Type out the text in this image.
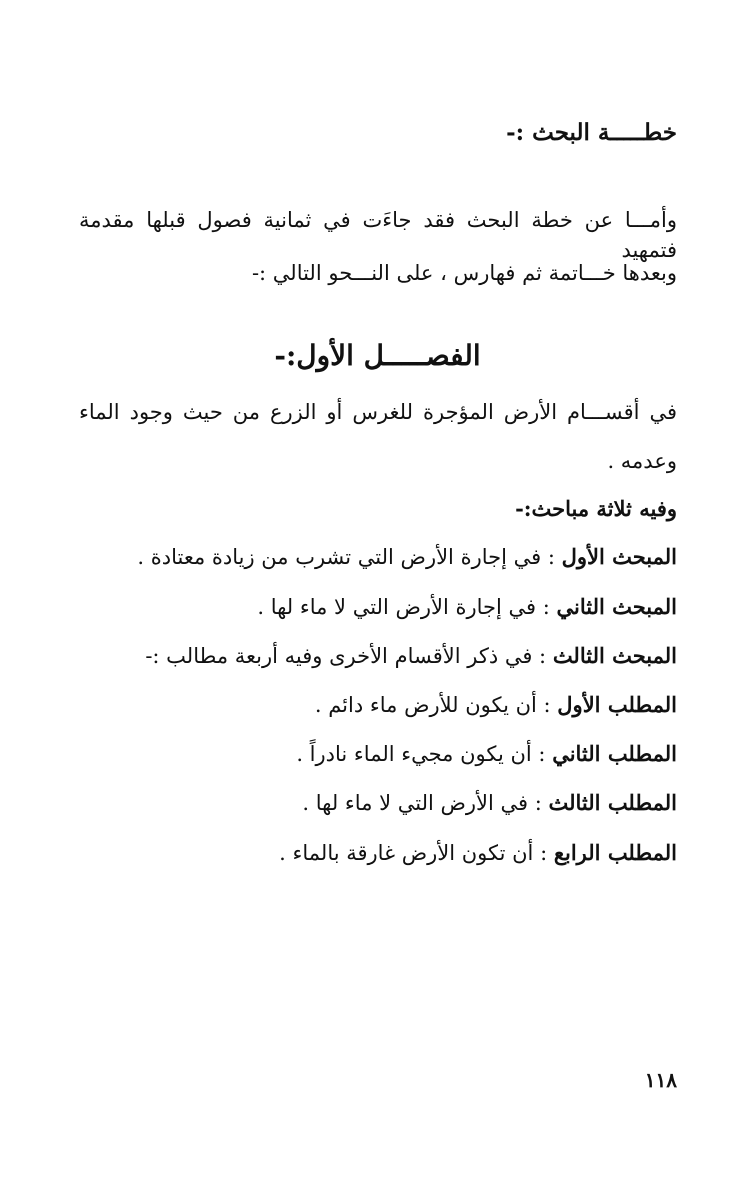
خطـــــة البحث :-
وأمـــا عن خطة البحث فقد جاءَت في ثمانية فصول قبلها مقدمة فتمهيد
وبعدها خـــاتمة ثم فهارس ، على النـــحو التالي :-
الفصـــــل الأول:-
في أقســـام الأرض المؤجرة للغرس أو الزرع من حيث وجود الماء
وعدمه .
وفيه ثلاثة مباحث:-
المبحث الأول : في إجارة الأرض التي تشرب من زيادة معتادة .
المبحث الثاني : في إجارة الأرض التي لا ماء لها .
المبحث الثالث : في ذكر الأقسام الأخرى وفيه أربعة مطالب :-
المطلب الأول : أن يكون للأرض ماء دائم .
المطلب الثاني : أن يكون مجيء الماء نادراً .
المطلب الثالث : في الأرض التي لا ماء لها .
المطلب الرابع : أن تكون الأرض غارقة بالماء .
١١٨
